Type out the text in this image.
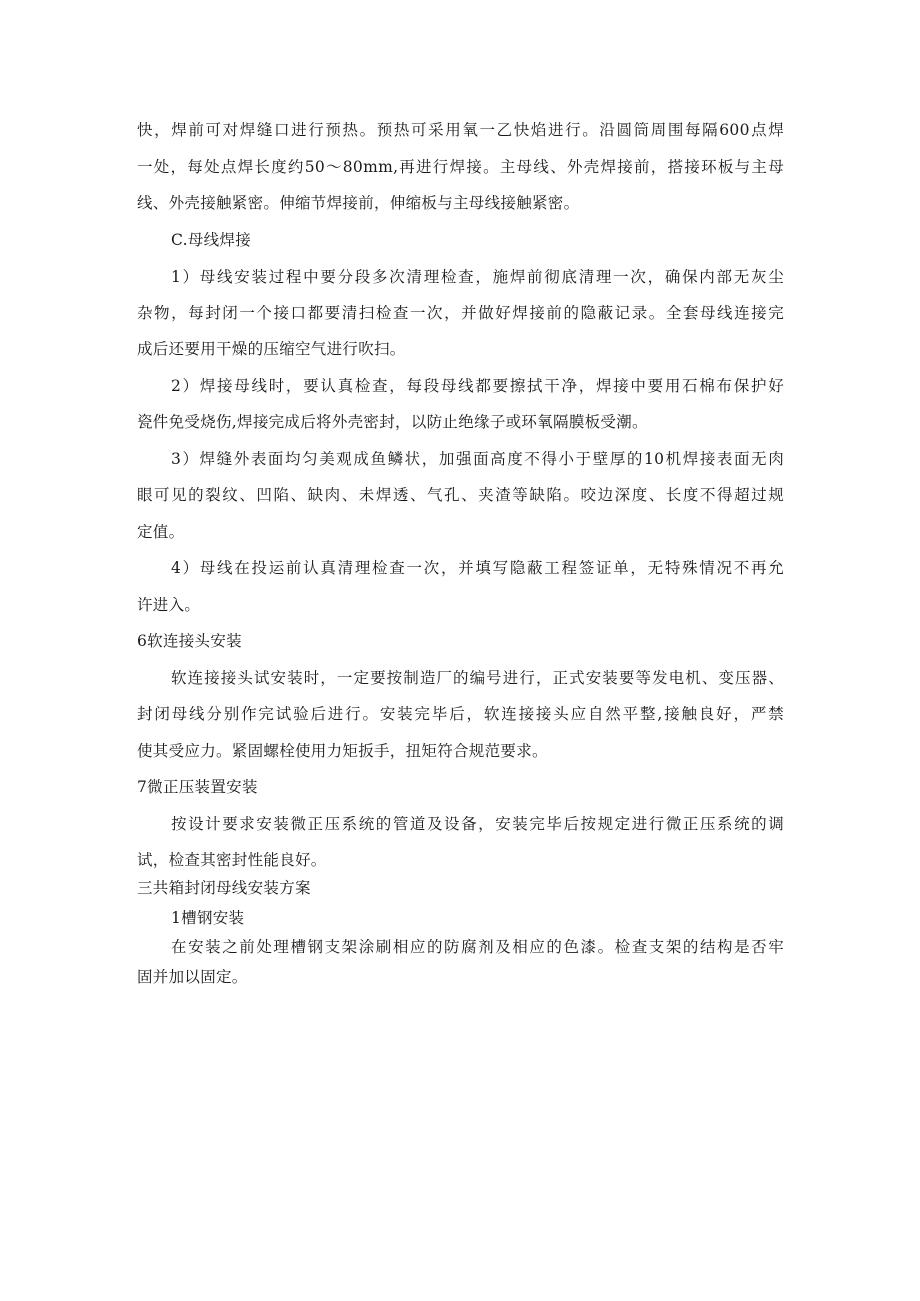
快，焊前可对焊缝口进行预热。预热可采用氧一乙快焰进行。沿圆筒周围每隔600点焊
一处，每处点焊长度约50～80mm,再进行焊接。主母线、外壳焊接前，搭接环板与主母
线、外壳接触紧密。伸缩节焊接前，伸缩板与主母线接触紧密。
C.母线焊接
1）母线安装过程中要分段多次清理检查，施焊前彻底清理一次，确保内部无灰尘
杂物，每封闭一个接口都要清扫检查一次，并做好焊接前的隐蔽记录。全套母线连接完
成后还要用干燥的压缩空气进行吹扫。
2）焊接母线时，要认真检查，每段母线都要擦拭干净，焊接中要用石棉布保护好
瓷件免受烧伤,焊接完成后将外壳密封，以防止绝缘子或环氧隔膜板受潮。
3）焊缝外表面均匀美观成鱼鳞状，加强面高度不得小于壁厚的10机焊接表面无肉
眼可见的裂纹、凹陷、缺肉、未焊透、气孔、夹渣等缺陷。咬边深度、长度不得超过规
定值。
4）母线在投运前认真清理检查一次，并填写隐蔽工程签证单，无特殊情况不再允
许进入。
6软连接头安装
软连接接头试安装时，一定要按制造厂的编号进行，正式安装要等发电机、变压器、
封闭母线分别作完试验后进行。安装完毕后，软连接接头应自然平整,接触良好，严禁
使其受应力。紧固螺栓使用力矩扳手，扭矩符合规范要求。
7微正压装置安装
按设计要求安装微正压系统的管道及设备，安装完毕后按规定进行微正压系统的调
试，检查其密封性能良好。
三共箱封闭母线安装方案
1槽钢安装
在安装之前处理槽钢支架涂刷相应的防腐剂及相应的色漆。检查支架的结构是否牢
固并加以固定。
